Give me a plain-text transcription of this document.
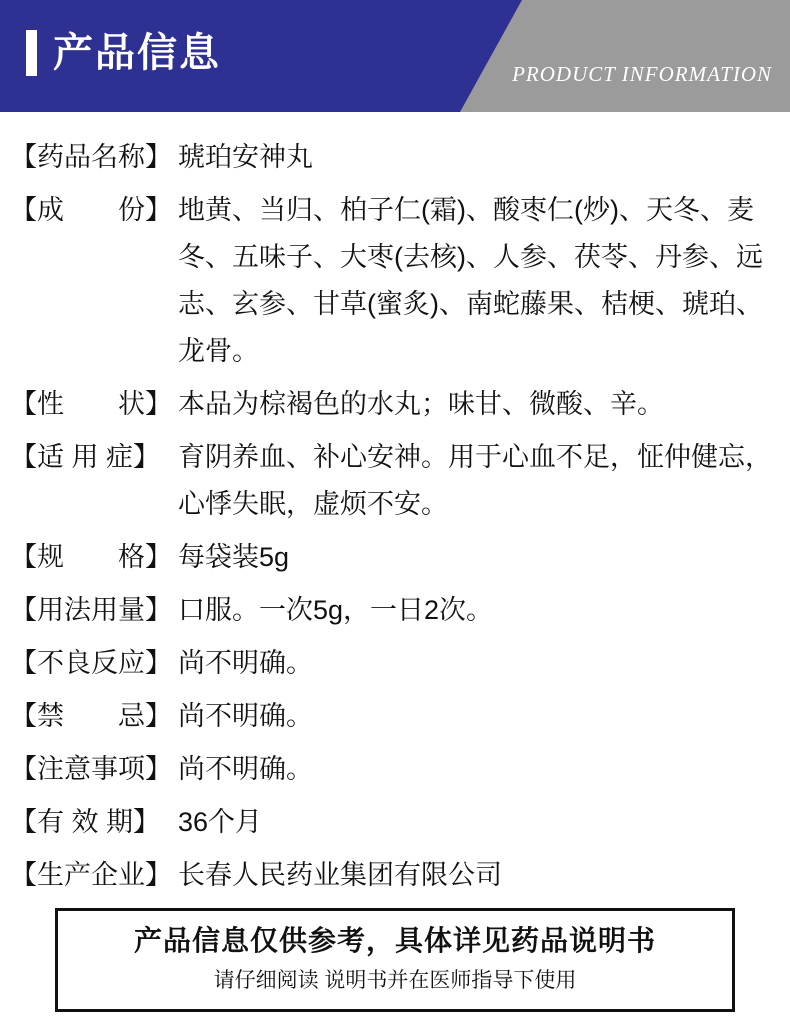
产品信息	PRODUCT INFORMATION
【药品名称】 琥珀安神丸
【成　　份】 地黄、当归、柏子仁(霜)、酸枣仁(炒)、天冬、麦冬、五味子、大枣(去核)、人参、茯苓、丹参、远志、玄参、甘草(蜜炙)、南蛇藤果、桔梗、琥珀、龙骨。
【性　　状】 本品为棕褐色的水丸；味甘、微酸、辛。
【适 用 症】 育阴养血、补心安神。用于心血不足，怔仲健忘，心悸失眠，虚烦不安。
【规　　格】 每袋装5g
【用法用量】 口服。一次5g，一日2次。
【不良反应】 尚不明确。
【禁　　忌】 尚不明确。
【注意事项】 尚不明确。
【有 效 期】 36个月
【生产企业】 长春人民药业集团有限公司
产品信息仅供参考，具体详见药品说明书
请仔细阅读 说明书并在医师指导下使用
